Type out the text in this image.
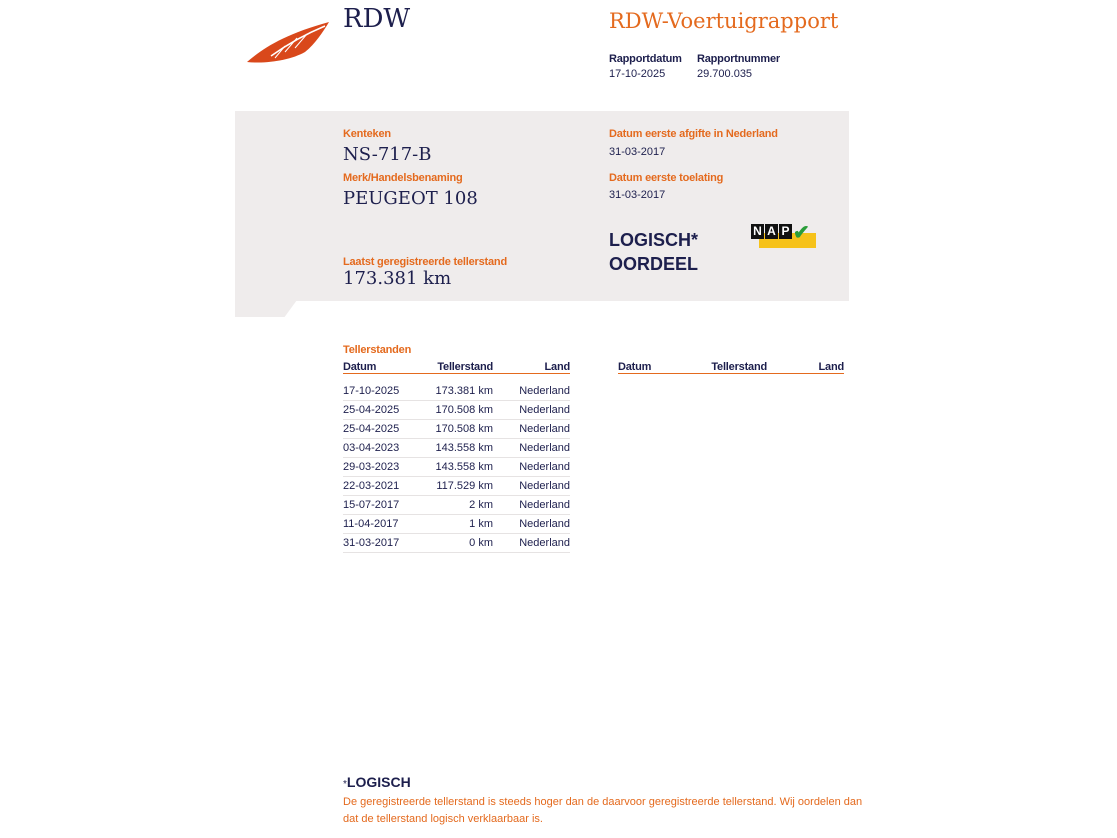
RDW	RDW-Voertuigrapport
Rapportdatum
17-10-2025
Rapportnummer
29.700.035
Kenteken
NS-717-B
Merk/Handelsbenaming
PEUGEOT 108
Laatst geregistreerde tellerstand
173.381 km
Datum eerste afgifte in Nederland
31-03-2017
Datum eerste toelating
31-03-2017
LOGISCH*
OORDEEL
N A P ✔
Tellerstanden
Datum	Tellerstand	Land

17-10-2025	173.381 km	Nederland
25-04-2025	170.508 km	Nederland
25-04-2025	170.508 km	Nederland
03-04-2023	143.558 km	Nederland
29-03-2023	143.558 km	Nederland
22-03-2021	117.529 km	Nederland
15-07-2017	2 km	Nederland
11-04-2017	1 km	Nederland
31-03-2017	0 km	Nederland
Datum	Tellerstand	Land
*LOGISCH
De geregistreerde tellerstand is steeds hoger dan de daarvoor geregistreerde tellerstand. Wij oordelen dan dat de tellerstand logisch verklaarbaar is.
